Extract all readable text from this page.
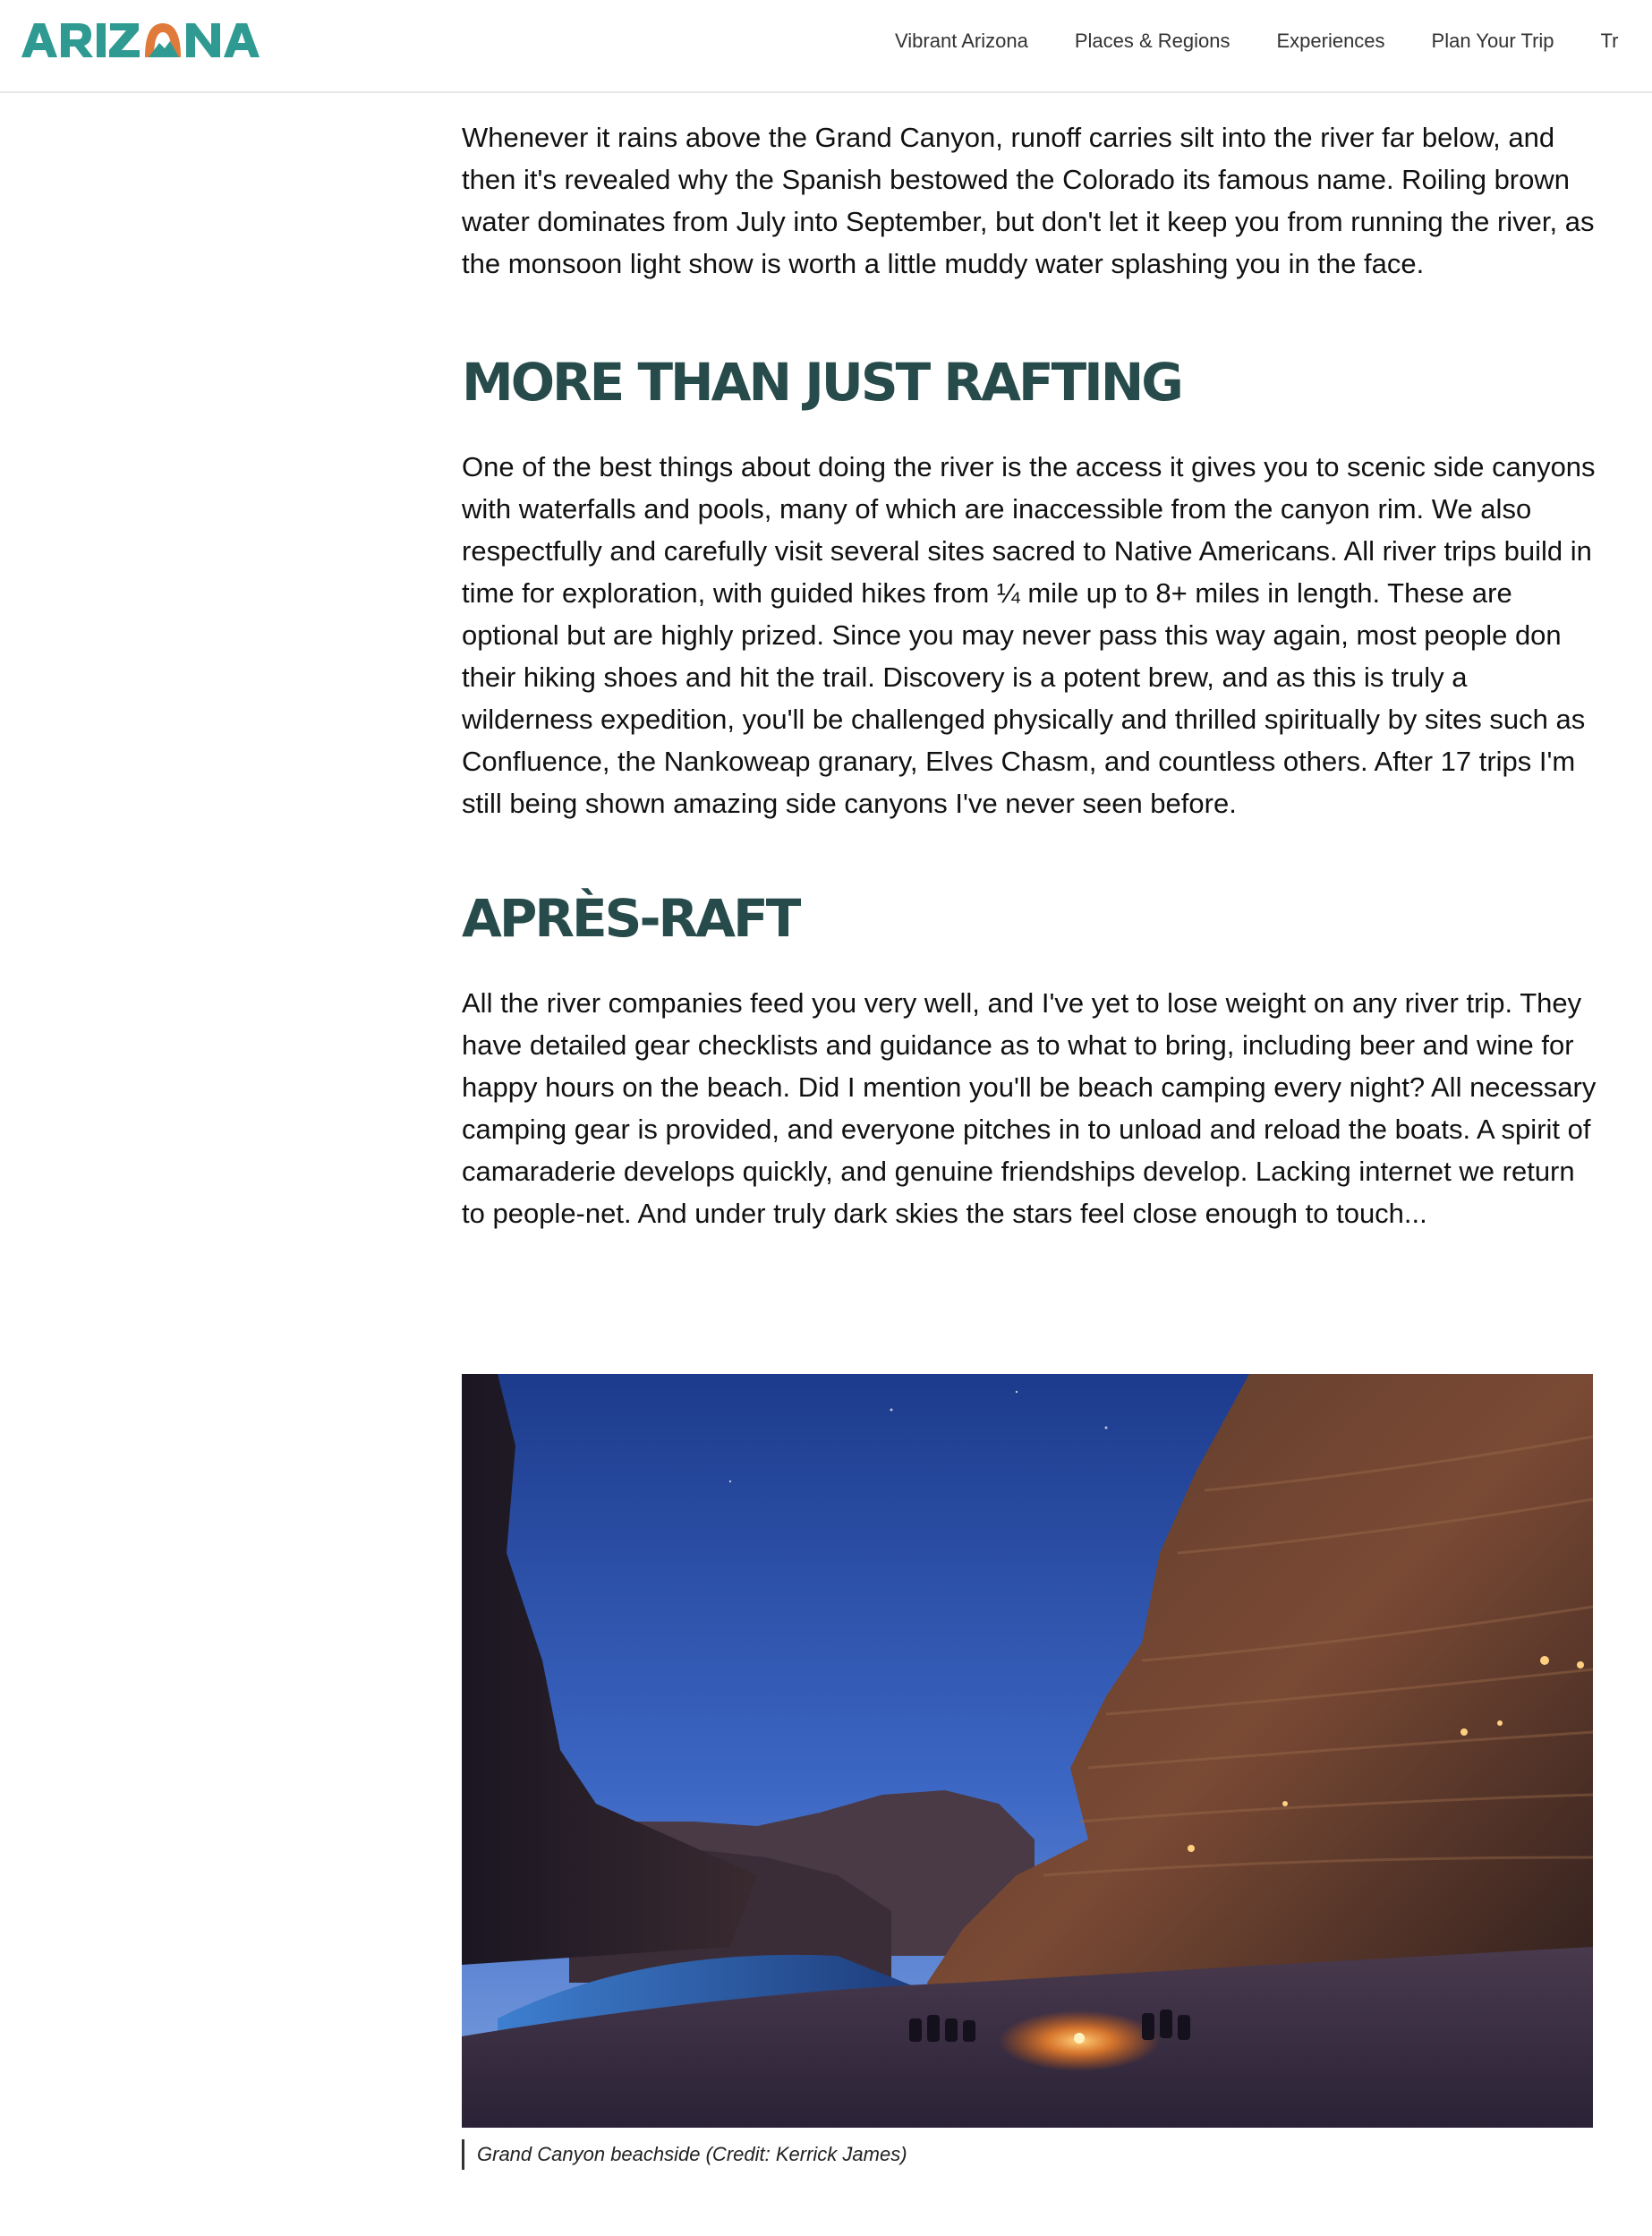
Vibrant Arizona Places & Regions Experiences Plan Your Trip Tr

Whenever it rains above the Grand Canyon, runoff carries silt into the river far below, and then it's revealed why the Spanish bestowed the Colorado its famous name. Roiling brown water dominates from July into September, but don't let it keep you from running the river, as the monsoon light show is worth a little muddy water splashing you in the face.

MORE THAN JUST RAFTING

One of the best things about doing the river is the access it gives you to scenic side canyons with waterfalls and pools, many of which are inaccessible from the canyon rim. We also respectfully and carefully visit several sites sacred to Native Americans. All river trips build in time for exploration, with guided hikes from ¼ mile up to 8+ miles in length. These are optional but are highly prized. Since you may never pass this way again, most people don their hiking shoes and hit the trail. Discovery is a potent brew, and as this is truly a wilderness expedition, you'll be challenged physically and thrilled spiritually by sites such as Confluence, the Nankoweap granary, Elves Chasm, and countless others. After 17 trips I'm still being shown amazing side canyons I've never seen before.

APRÈS-RAFT

All the river companies feed you very well, and I've yet to lose weight on any river trip. They have detailed gear checklists and guidance as to what to bring, including beer and wine for happy hours on the beach. Did I mention you'll be beach camping every night? All necessary camping gear is provided, and everyone pitches in to unload and reload the boats. A spirit of camaraderie develops quickly, and genuine friendships develop. Lacking internet we return to people-net. And under truly dark skies the stars feel close enough to touch...

Grand Canyon beachside (Credit: Kerrick James)
